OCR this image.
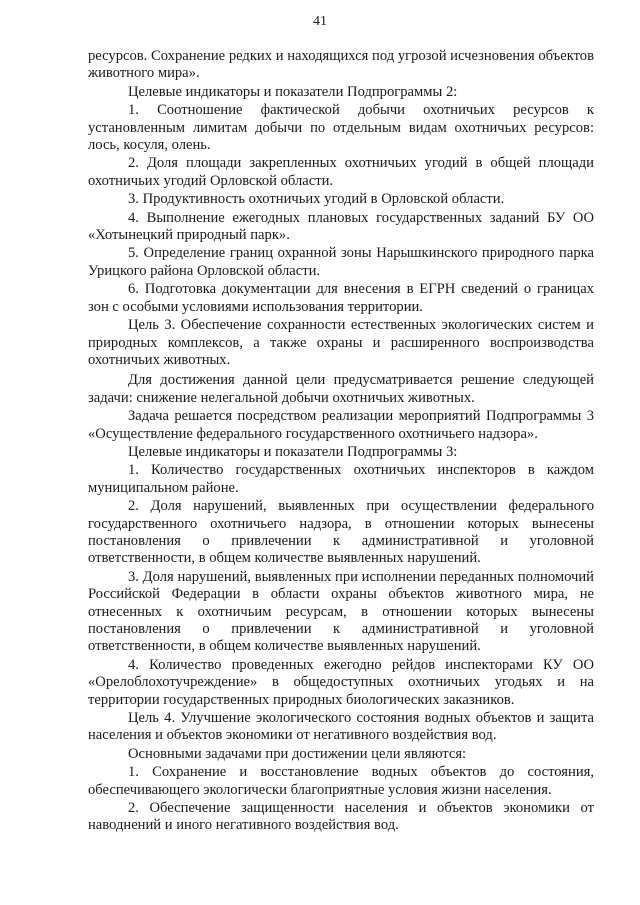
41

ресурсов. Сохранение редких и находящихся под угрозой исчезновения объектов животного мира».

Целевые индикаторы и показатели Подпрограммы 2:

1. Соотношение фактической добычи охотничьих ресурсов к установленным лимитам добычи по отдельным видам охотничьих ресурсов: лось, косуля, олень.

2. Доля площади закрепленных охотничьих угодий в общей площади охотничьих угодий Орловской области.

3. Продуктивность охотничьих угодий в Орловской области.

4. Выполнение ежегодных плановых государственных заданий БУ ОО «Хотынецкий природный парк».

5. Определение границ охранной зоны Нарышкинского природного парка Урицкого района Орловской области.

6. Подготовка документации для внесения в ЕГРН сведений о границах зон с особыми условиями использования территории.

Цель 3. Обеспечение сохранности естественных экологических систем и природных комплексов, а также охраны и расширенного воспроизводства охотничьих животных.

Для достижения данной цели предусматривается решение следующей задачи: снижение нелегальной добычи охотничьих животных.

Задача решается посредством реализации мероприятий Подпрограммы 3 «Осуществление федерального государственного охотничьего надзора».

Целевые индикаторы и показатели Подпрограммы 3:

1. Количество государственных охотничьих инспекторов в каждом муниципальном районе.

2. Доля нарушений, выявленных при осуществлении федерального государственного охотничьего надзора, в отношении которых вынесены постановления о привлечении к административной и уголовной ответственности, в общем количестве выявленных нарушений.

3. Доля нарушений, выявленных при исполнении переданных полномочий Российской Федерации в области охраны объектов животного мира, не отнесенных к охотничьим ресурсам, в отношении которых вынесены постановления о привлечении к административной и уголовной ответственности, в общем количестве выявленных нарушений.

4. Количество проведенных ежегодно рейдов инспекторами КУ ОО «Орелоблохотучреждение» в общедоступных охотничьих угодьях и на территории государственных природных биологических заказников.

Цель 4. Улучшение экологического состояния водных объектов и защита населения и объектов экономики от негативного воздействия вод.

Основными задачами при достижении цели являются:

1. Сохранение и восстановление водных объектов до состояния, обеспечивающего экологически благоприятные условия жизни населения.

2. Обеспечение защищенности населения и объектов экономики от наводнений и иного негативного воздействия вод.
